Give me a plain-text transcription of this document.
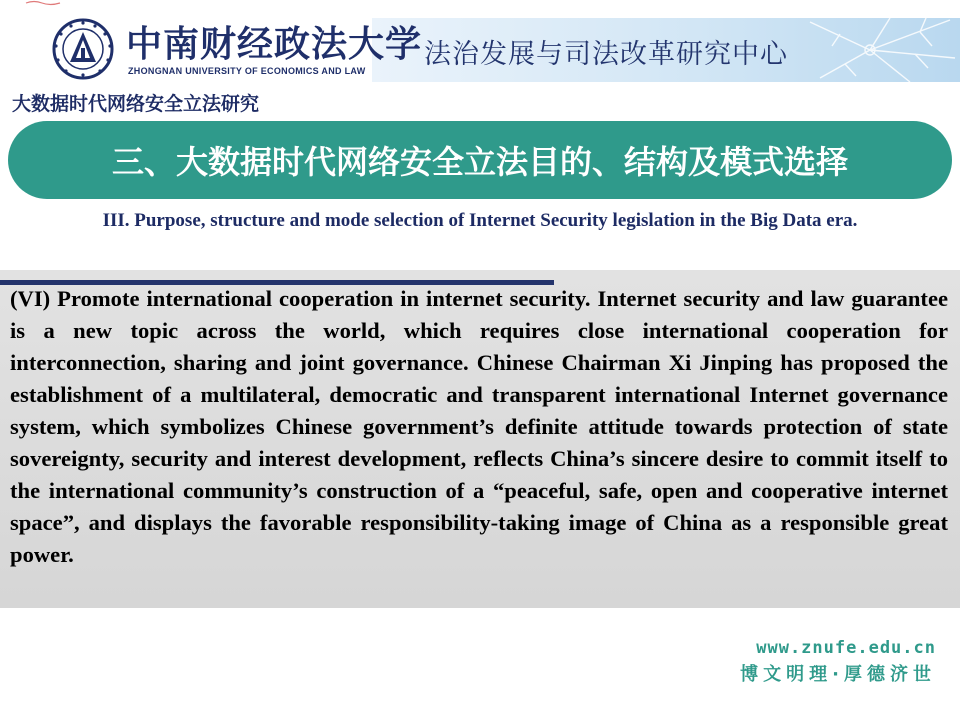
法治发展与司法改革研究中心
中南财经政法大学
ZHONGNAN UNIVERSITY OF ECONOMICS AND LAW
大数据时代网络安全立法研究
三、大数据时代网络安全立法目的、结构及模式选择
III. Purpose, structure and mode selection of Internet Security legislation in the Big Data era.

(VI) Promote international cooperation in internet security. Internet security and law guarantee is a new topic across the world, which requires close international cooperation for interconnection, sharing and joint governance. Chinese Chairman Xi Jinping has proposed the establishment of a multilateral, democratic and transparent international Internet governance system, which symbolizes Chinese government’s definite attitude towards protection of state sovereignty, security and interest development, reflects China’s sincere desire to commit itself to the international community’s construction of a “peaceful, safe, open and cooperative internet space”, and displays the favorable responsibility-taking image of China as a responsible great power.

www.znufe.edu.cn
博文明理·厚德济世
